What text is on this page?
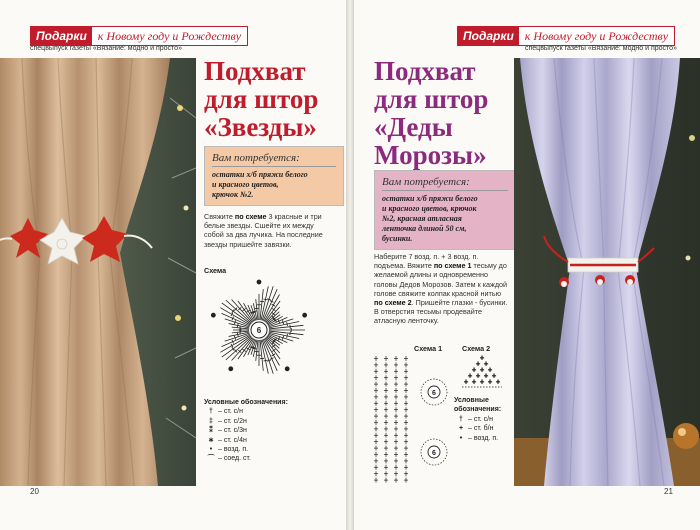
Подарки к Новому году и Рождеству
спецвыпуск газеты «Вязание: модно и просто»
Подхват
для штор
«Звезды»
Вам потребуется:
остатки х/б пряжи белого
и красного цветов,
крючок №2.
Свяжите по схеме 3 красные и три белые звезды. Сшейте их между собой за два лучика. На последние звезды пришейте завязки.
Схема
6
Условные обозначения:
† – ст. с/н
‡ – ст. с/2н
⁑ – ст. с/3н
∗ – ст. с/4н
• – возд. п.
⌒ – соед. ст.
20
Подарки к Новому году и Рождеству
спецвыпуск газеты «Вязание: модно и просто»
Подхват
для штор
«Деды
Морозы»
Вам потребуется:
остатки х/б пряжи белого
и красного цветов, крючок
№2, красная атласная
ленточка длиной 50 см,
бусинки.
Наберите 7 возд. п. + 3 возд. п. подъема. Вяжите по схеме 1 тесьму до желаемой длины и одновременно головы Дедов Морозов. Затем к каждой голове свяжите колпак красной нитью по схеме 2. Пришейте глазки - бусинки. В отверстия тесьмы продевайте атласную ленточку.
Схема 1	Схема 2
6
6
+
+ +
+ + +
+ + + +
+ + + + +
Условные обозначения:
† – ст. с/н
+ – ст. б/н
• – возд. п.
21
